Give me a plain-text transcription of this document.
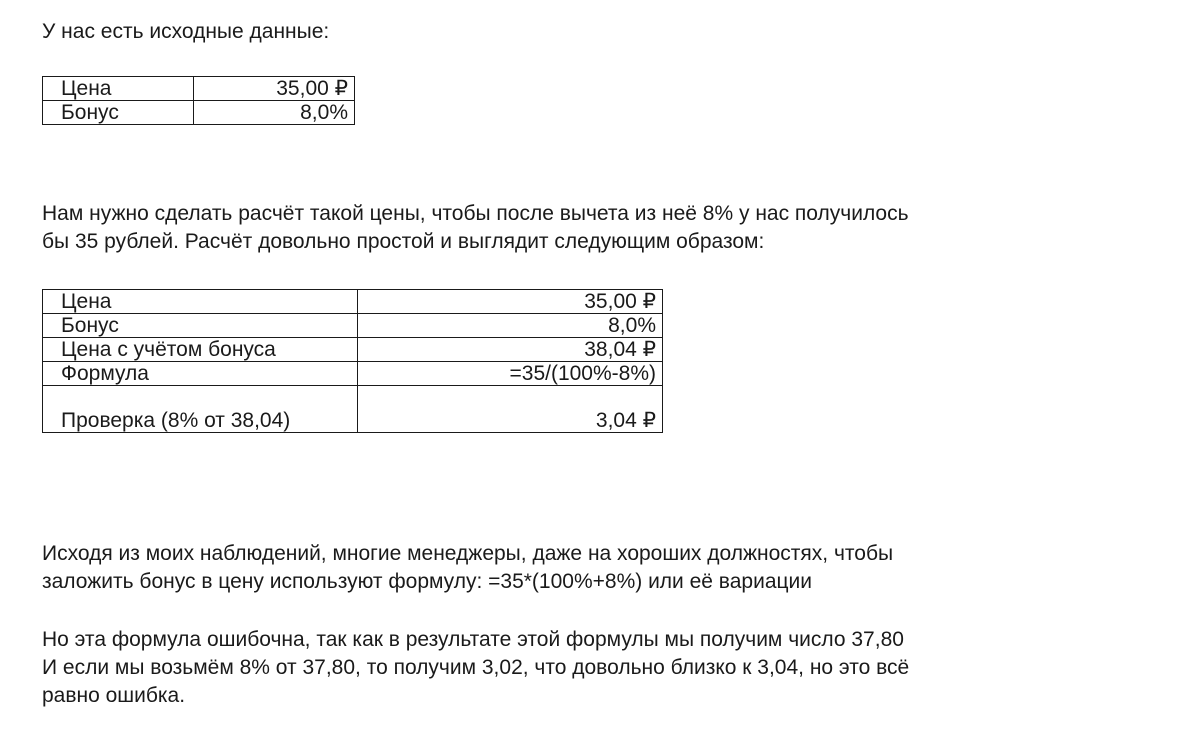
У нас есть исходные данные:

Цена	35,00 ₽
Бонус	8,0%

Нам нужно сделать расчёт такой цены, чтобы после вычета из неё 8% у нас получилось

бы 35 рублей. Расчёт довольно простой и выглядит следующим образом:

Цена	35,00 ₽
Бонус	8,0%
Цена с учётом бонуса	38,04 ₽
Формула	=35/(100%-8%)
Проверка (8% от 38,04)	3,04 ₽

Исходя из моих наблюдений, многие менеджеры, даже на хороших должностях, чтобы

заложить бонус в цену используют формулу: =35*(100%+8%) или её вариации

Но эта формула ошибочна, так как в результате этой формулы мы получим число 37,80

И если мы возьмём 8% от 37,80, то получим 3,02, что довольно близко к 3,04, но это всё

равно ошибка.
